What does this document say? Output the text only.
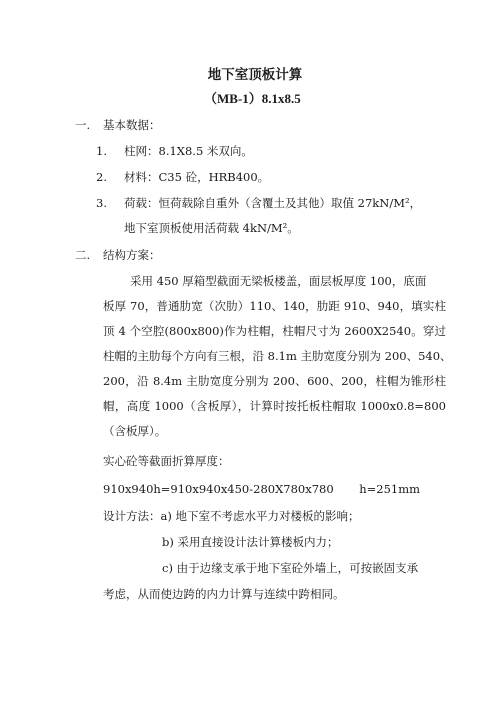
地下室顶板计算
（MB-1）8.1x8.5
一. 基本数据：
1. 柱网：8.1X8.5 米双向。
2. 材料：C35 砼，HRB400。
3. 荷载：恒荷载除自重外（含覆土及其他）取值 27kN/M²，
地下室顶板使用活荷载 4kN/M²。
二. 结构方案：
采用 450 厚箱型截面无梁板楼盖，面层板厚度 100，底面
板厚 70，普通肋宽（次肋）110、140，肋距 910、940，填实柱
顶 4 个空腔(800x800)作为柱帽，柱帽尺寸为 2600X2540。穿过
柱帽的主肋每个方向有三根，沿 8.1m 主肋宽度分别为 200、540、
200，沿 8.4m 主肋宽度分别为 200、600、200，柱帽为锥形柱
帽，高度 1000（含板厚），计算时按托板柱帽取 1000x0.8=800
（含板厚）。
实心砼等截面折算厚度：
910x940h=910x940x450-280X780x780       h=251mm
设计方法：a) 地下室不考虑水平力对楼板的影响；
b) 采用直接设计法计算楼板内力；
c) 由于边缘支承于地下室砼外墙上，可按嵌固支承
考虑，从而使边跨的内力计算与连续中跨相同。
